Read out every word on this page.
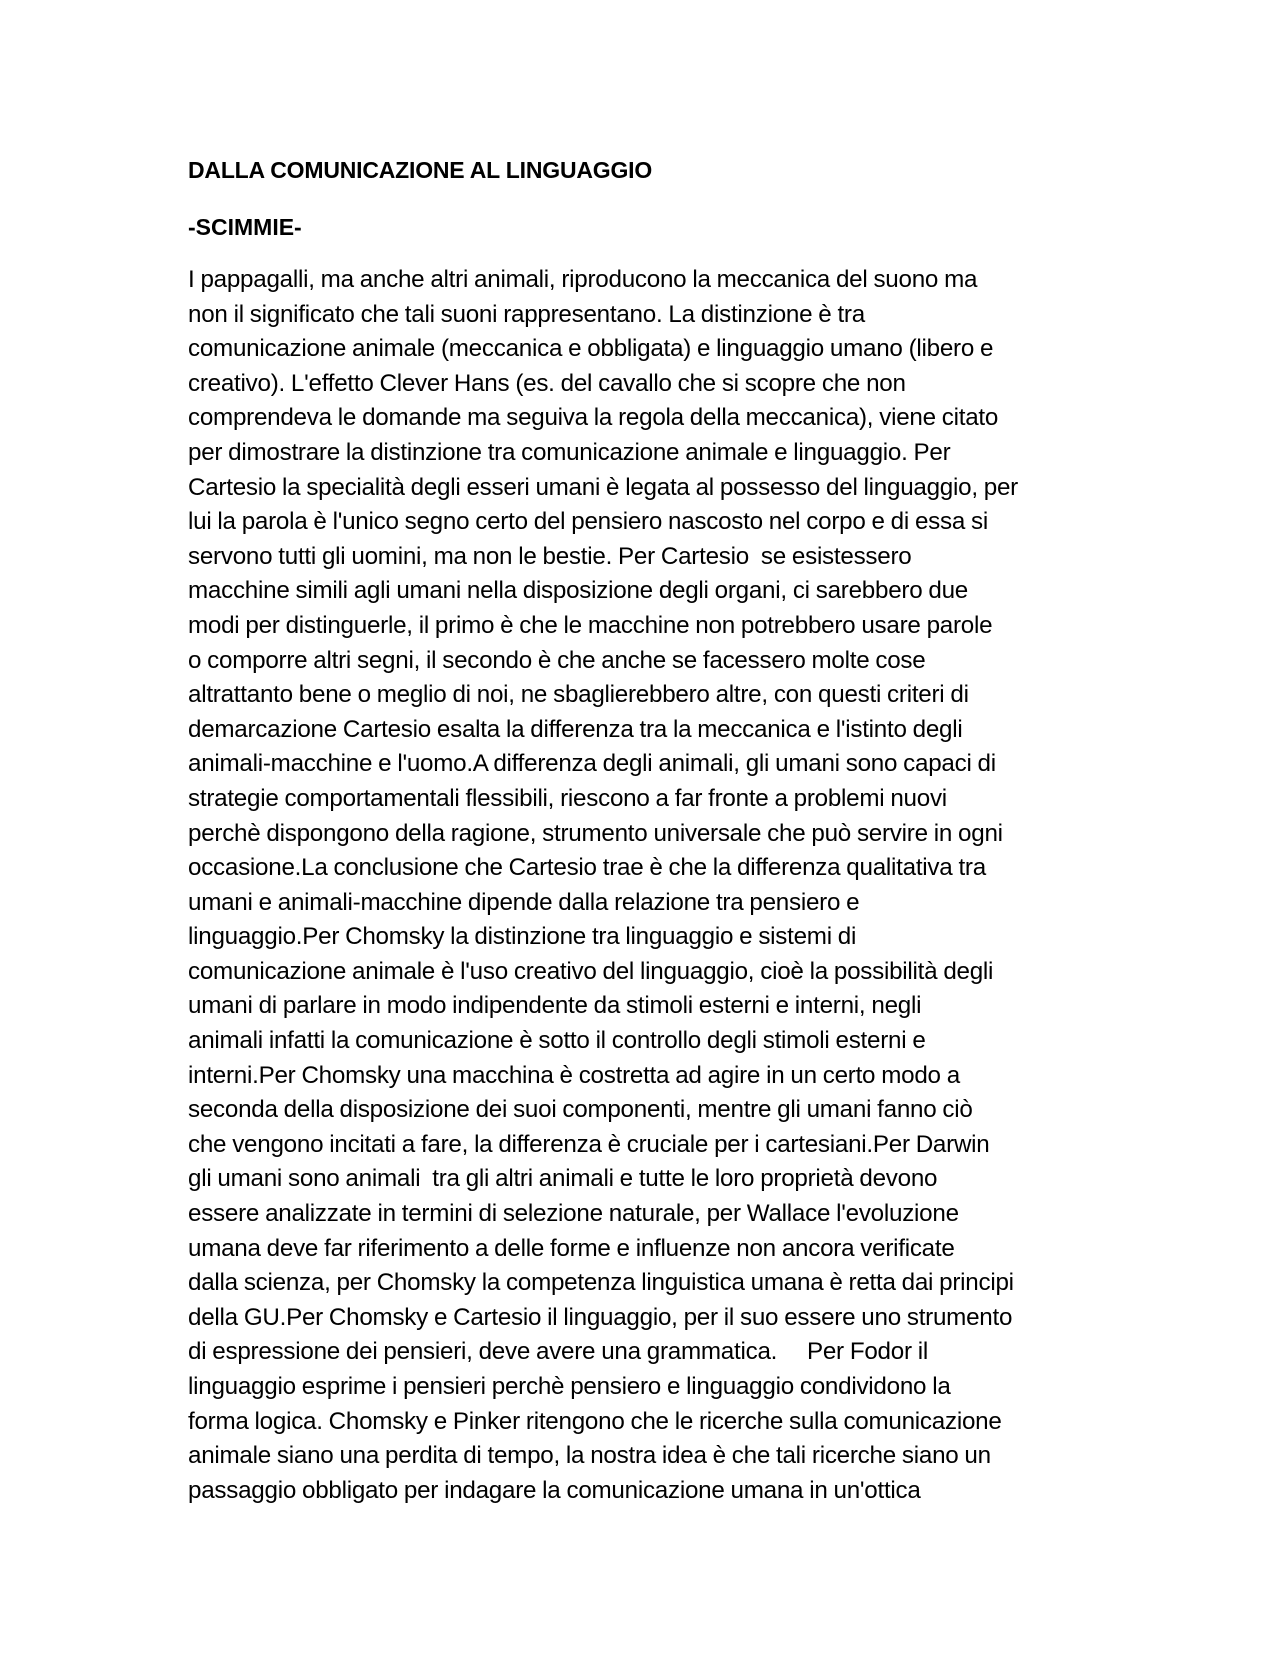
DALLA COMUNICAZIONE AL LINGUAGGIO
-SCIMMIE-
I pappagalli, ma anche altri animali, riproducono la meccanica del suono ma
non il significato che tali suoni rappresentano. La distinzione è tra
comunicazione animale (meccanica e obbligata) e linguaggio umano (libero e
creativo). L'effetto Clever Hans (es. del cavallo che si scopre che non
comprendeva le domande ma seguiva la regola della meccanica), viene citato
per dimostrare la distinzione tra comunicazione animale e linguaggio. Per
Cartesio la specialità degli esseri umani è legata al possesso del linguaggio, per
lui la parola è l'unico segno certo del pensiero nascosto nel corpo e di essa si
servono tutti gli uomini, ma non le bestie. Per Cartesio  se esistessero
macchine simili agli umani nella disposizione degli organi, ci sarebbero due
modi per distinguerle, il primo è che le macchine non potrebbero usare parole
o comporre altri segni, il secondo è che anche se facessero molte cose
altrattanto bene o meglio di noi, ne sbaglierebbero altre, con questi criteri di
demarcazione Cartesio esalta la differenza tra la meccanica e l'istinto degli
animali-macchine e l'uomo.A differenza degli animali, gli umani sono capaci di
strategie comportamentali flessibili, riescono a far fronte a problemi nuovi
perchè dispongono della ragione, strumento universale che può servire in ogni
occasione.La conclusione che Cartesio trae è che la differenza qualitativa tra
umani e animali-macchine dipende dalla relazione tra pensiero e
linguaggio.Per Chomsky la distinzione tra linguaggio e sistemi di
comunicazione animale è l'uso creativo del linguaggio, cioè la possibilità degli
umani di parlare in modo indipendente da stimoli esterni e interni, negli
animali infatti la comunicazione è sotto il controllo degli stimoli esterni e
interni.Per Chomsky una macchina è costretta ad agire in un certo modo a
seconda della disposizione dei suoi componenti, mentre gli umani fanno ciò
che vengono incitati a fare, la differenza è cruciale per i cartesiani.Per Darwin
gli umani sono animali  tra gli altri animali e tutte le loro proprietà devono
essere analizzate in termini di selezione naturale, per Wallace l'evoluzione
umana deve far riferimento a delle forme e influenze non ancora verificate
dalla scienza, per Chomsky la competenza linguistica umana è retta dai principi
della GU.Per Chomsky e Cartesio il linguaggio, per il suo essere uno strumento
di espressione dei pensieri, deve avere una grammatica.     Per Fodor il
linguaggio esprime i pensieri perchè pensiero e linguaggio condividono la
forma logica. Chomsky e Pinker ritengono che le ricerche sulla comunicazione
animale siano una perdita di tempo, la nostra idea è che tali ricerche siano un
passaggio obbligato per indagare la comunicazione umana in un'ottica
